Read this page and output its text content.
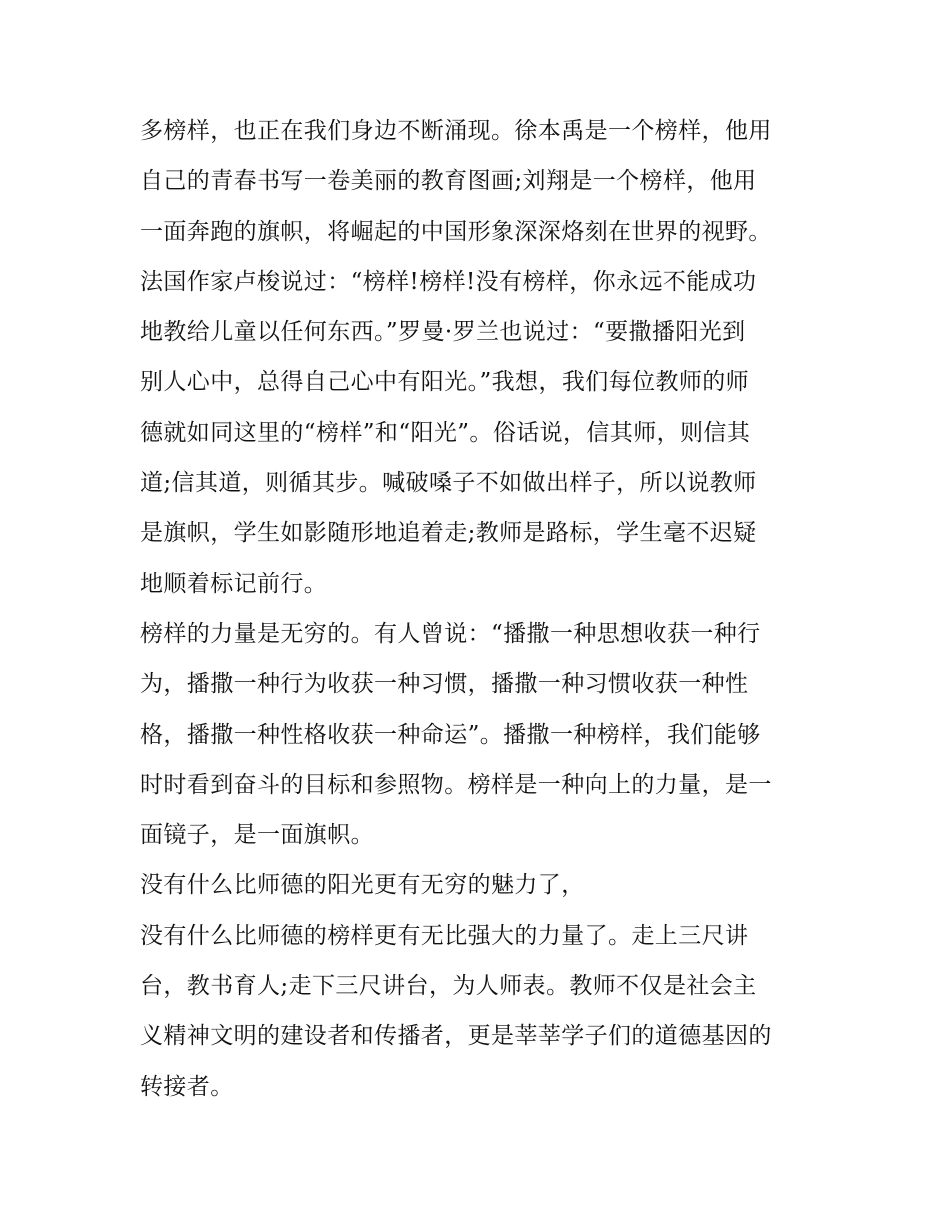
多榜样，也正在我们身边不断涌现。徐本禹是一个榜样，他用
自己的青春书写一卷美丽的教育图画;刘翔是一个榜样，他用
一面奔跑的旗帜，将崛起的中国形象深深烙刻在世界的视野。
法国作家卢梭说过：“榜样!榜样!没有榜样，你永远不能成功
地教给儿童以任何东西。”罗曼·罗兰也说过：“要撒播阳光到
别人心中，总得自己心中有阳光。”我想，我们每位教师的师
德就如同这里的“榜样”和“阳光”。俗话说，信其师，则信其
道;信其道，则循其步。喊破嗓子不如做出样子，所以说教师
是旗帜，学生如影随形地追着走;教师是路标，学生毫不迟疑
地顺着标记前行。
榜样的力量是无穷的。有人曾说：“播撒一种思想收获一种行
为，播撒一种行为收获一种习惯，播撒一种习惯收获一种性
格，播撒一种性格收获一种命运”。播撒一种榜样，我们能够
时时看到奋斗的目标和参照物。榜样是一种向上的力量，是一
面镜子，是一面旗帜。
没有什么比师德的阳光更有无穷的魅力了，
没有什么比师德的榜样更有无比强大的力量了。走上三尺讲
台，教书育人;走下三尺讲台，为人师表。教师不仅是社会主
义精神文明的建设者和传播者，更是莘莘学子们的道德基因的
转接者。
